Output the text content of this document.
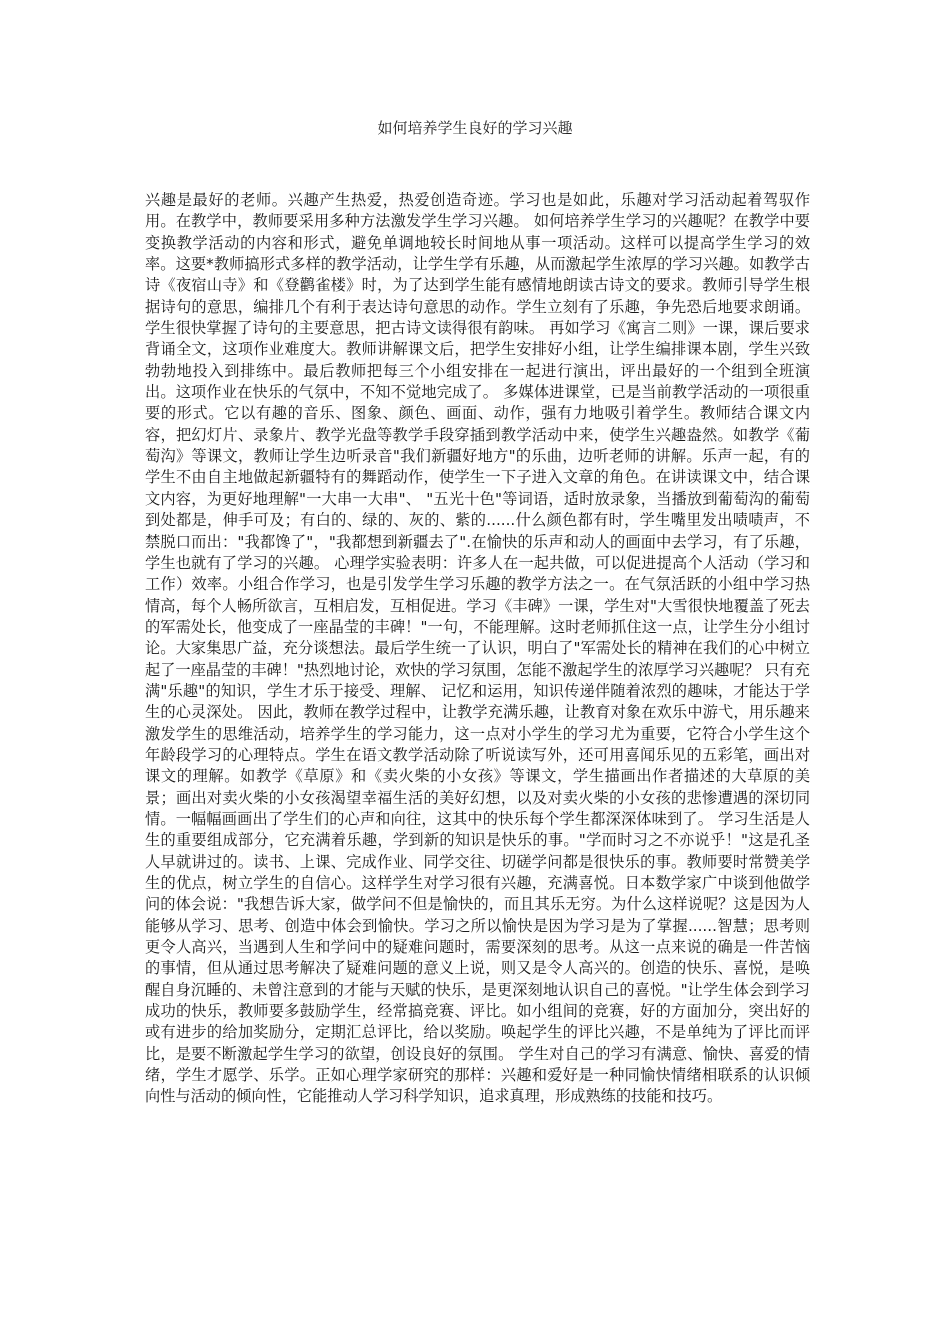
如何培养学生良好的学习兴趣

兴趣是最好的老师。兴趣产生热爱，热爱创造奇迹。学习也是如此，乐趣对学习活动起着驾驭作用。在教学中，教师要采用多种方法激发学生学习兴趣。 如何培养学生学习的兴趣呢？在教学中要变换教学活动的内容和形式，避免单调地较长时间地从事一项活动。这样可以提高学生学习的效率。这要*教师搞形式多样的教学活动，让学生学有乐趣，从而激起学生浓厚的学习兴趣。如教学古诗《夜宿山寺》和《登鹳雀楼》时，为了达到学生能有感情地朗读古诗文的要求。教师引导学生根据诗句的意思，编排几个有利于表达诗句意思的动作。学生立刻有了乐趣，争先恐后地要求朗诵。学生很快掌握了诗句的主要意思，把古诗文读得很有韵味。 再如学习《寓言二则》一课，课后要求背诵全文，这项作业难度大。教师讲解课文后，把学生安排好小组，让学生编排课本剧，学生兴致勃勃地投入到排练中。最后教师把每三个小组安排在一起进行演出，评出最好的一个组到全班演出。这项作业在快乐的气氛中，不知不觉地完成了。 多媒体进课堂，已是当前教学活动的一项很重要的形式。它以有趣的音乐、图象、颜色、画面、动作，强有力地吸引着学生。教师结合课文内容，把幻灯片、录象片、教学光盘等教学手段穿插到教学活动中来，使学生兴趣盎然。如教学《葡萄沟》等课文，教师让学生边听录音"我们新疆好地方"的乐曲，边听老师的讲解。乐声一起，有的学生不由自主地做起新疆特有的舞蹈动作，使学生一下子进入文章的角色。在讲读课文中，结合课文内容，为更好地理解"一大串一大串"、 "五光十色"等词语，适时放录象，当播放到葡萄沟的葡萄到处都是，伸手可及；有白的、绿的、灰的、紫的......什么颜色都有时，学生嘴里发出啧啧声，不禁脱口而出："我都馋了"，"我都想到新疆去了".在愉快的乐声和动人的画面中去学习，有了乐趣，学生也就有了学习的兴趣。 心理学实验表明：许多人在一起共做，可以促进提高个人活动（学习和工作）效率。小组合作学习，也是引发学生学习乐趣的教学方法之一。在气氛活跃的小组中学习热情高，每个人畅所欲言，互相启发，互相促进。学习《丰碑》一课，学生对"大雪很快地覆盖了死去的军需处长，他变成了一座晶莹的丰碑！"一句，不能理解。这时老师抓住这一点，让学生分小组讨论。大家集思广益，充分谈想法。最后学生统一了认识，明白了"军需处长的精神在我们的心中树立起了一座晶莹的丰碑！"热烈地讨论，欢快的学习氛围，怎能不激起学生的浓厚学习兴趣呢？ 只有充满"乐趣"的知识，学生才乐于接受、理解、 记忆和运用，知识传递伴随着浓烈的趣味，才能达于学生的心灵深处。 因此，教师在教学过程中，让教学充满乐趣，让教育对象在欢乐中游弋，用乐趣来激发学生的思维活动，培养学生的学习能力，这一点对小学生的学习尤为重要，它符合小学生这个年龄段学习的心理特点。学生在语文教学活动除了听说读写外，还可用喜闻乐见的五彩笔，画出对课文的理解。如教学《草原》和《卖火柴的小女孩》等课文，学生描画出作者描述的大草原的美景；画出对卖火柴的小女孩渴望幸福生活的美好幻想，以及对卖火柴的小女孩的悲惨遭遇的深切同情。一幅幅画画出了学生们的心声和向往，这其中的快乐每个学生都深深体味到了。 学习生活是人生的重要组成部分，它充满着乐趣，学到新的知识是快乐的事。"学而时习之不亦说乎！"这是孔圣人早就讲过的。读书、上课、完成作业、同学交往、切磋学问都是很快乐的事。教师要时常赞美学生的优点，树立学生的自信心。这样学生对学习很有兴趣，充满喜悦。日本数学家广中谈到他做学问的体会说："我想告诉大家，做学问不但是愉快的，而且其乐无穷。为什么这样说呢？这是因为人能够从学习、思考、创造中体会到愉快。学习之所以愉快是因为学习是为了掌握......智慧；思考则更令人高兴，当遇到人生和学问中的疑难问题时，需要深刻的思考。从这一点来说的确是一件苦恼的事情，但从通过思考解决了疑难问题的意义上说，则又是令人高兴的。创造的快乐、喜悦，是唤醒自身沉睡的、未曾注意到的才能与天赋的快乐，是更深刻地认识自己的喜悦。"让学生体会到学习成功的快乐，教师要多鼓励学生，经常搞竞赛、评比。如小组间的竞赛，好的方面加分，突出好的或有进步的给加奖励分，定期汇总评比，给以奖励。唤起学生的评比兴趣，不是单纯为了评比而评比，是要不断激起学生学习的欲望，创设良好的氛围。 学生对自己的学习有满意、愉快、喜爱的情绪，学生才愿学、乐学。正如心理学家研究的那样：兴趣和爱好是一种同愉快情绪相联系的认识倾向性与活动的倾向性，它能推动人学习科学知识，追求真理，形成熟练的技能和技巧。
